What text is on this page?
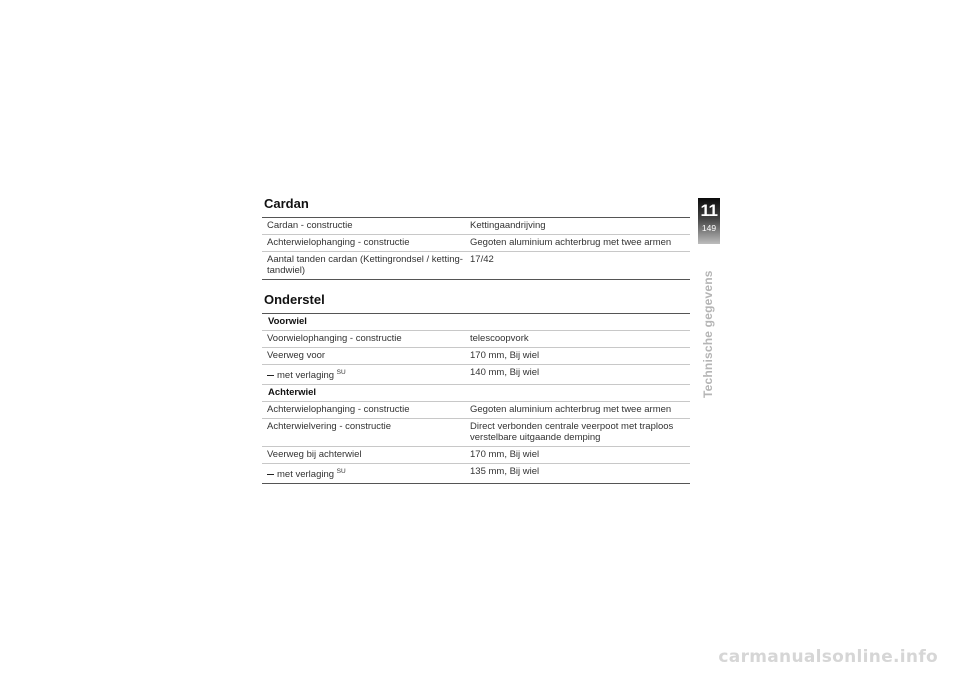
Cardan
Cardan - constructie	Kettingaandrijving
Achterwielophanging - constructie	Gegoten aluminium achterbrug met twee armen
Aantal tanden cardan (Kettingrondsel / ketting-tandwiel)	17/42
Onderstel
Voorwiel	
Voorwielophanging - constructie	telescoopvork
Veerweg voor	170 mm, Bij wiel
met verlaging $^{SU}$	140 mm, Bij wiel
Achterwiel	
Achterwielophanging - constructie	Gegoten aluminium achterbrug met twee armen
Achterwielvering - constructie	Direct verbonden centrale veerpoot met traploos verstelbare uitgaande demping
Veerweg bij achterwiel	170 mm, Bij wiel
met verlaging $^{SU}$	135 mm, Bij wiel
11
149
Technische gegevens
carmanualsonline.info
